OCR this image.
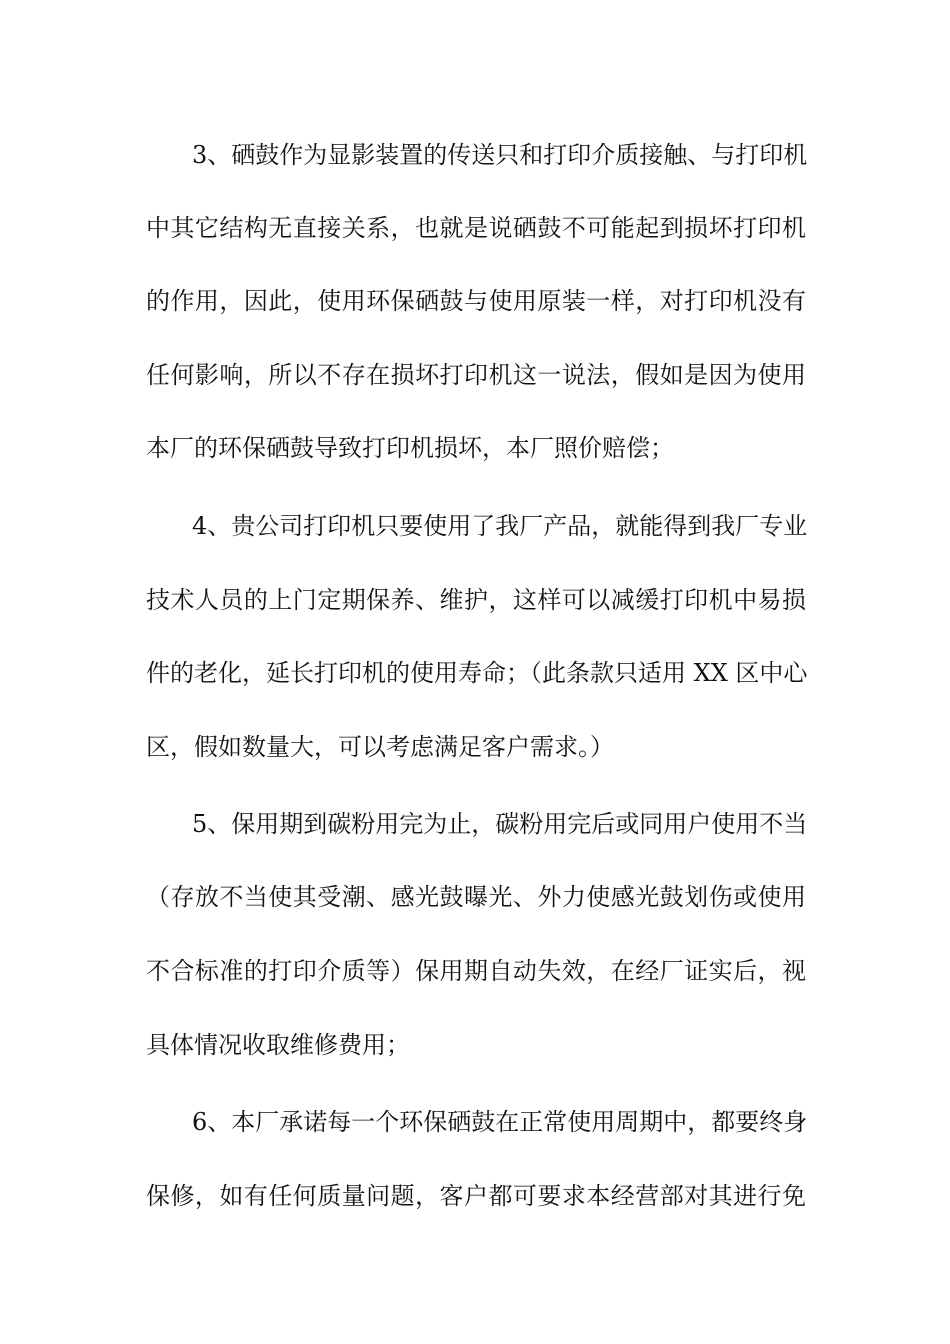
3、硒鼓作为显影装置的传送只和打印介质接触、与打印机
中其它结构无直接关系，也就是说硒鼓不可能起到损坏打印机
的作用，因此，使用环保硒鼓与使用原装一样，对打印机没有
任何影响，所以不存在损坏打印机这一说法，假如是因为使用
本厂的环保硒鼓导致打印机损坏，本厂照价赔偿；
4、贵公司打印机只要使用了我厂产品，就能得到我厂专业
技术人员的上门定期保养、维护，这样可以减缓打印机中易损
件的老化，延长打印机的使用寿命；（此条款只适用 XX 区中心
区，假如数量大，可以考虑满足客户需求。）
5、保用期到碳粉用完为止，碳粉用完后或同用户使用不当
（存放不当使其受潮、感光鼓曝光、外力使感光鼓划伤或使用
不合标准的打印介质等）保用期自动失效，在经厂证实后，视
具体情况收取维修费用；
6、本厂承诺每一个环保硒鼓在正常使用周期中，都要终身
保修，如有任何质量问题，客户都可要求本经营部对其进行免
